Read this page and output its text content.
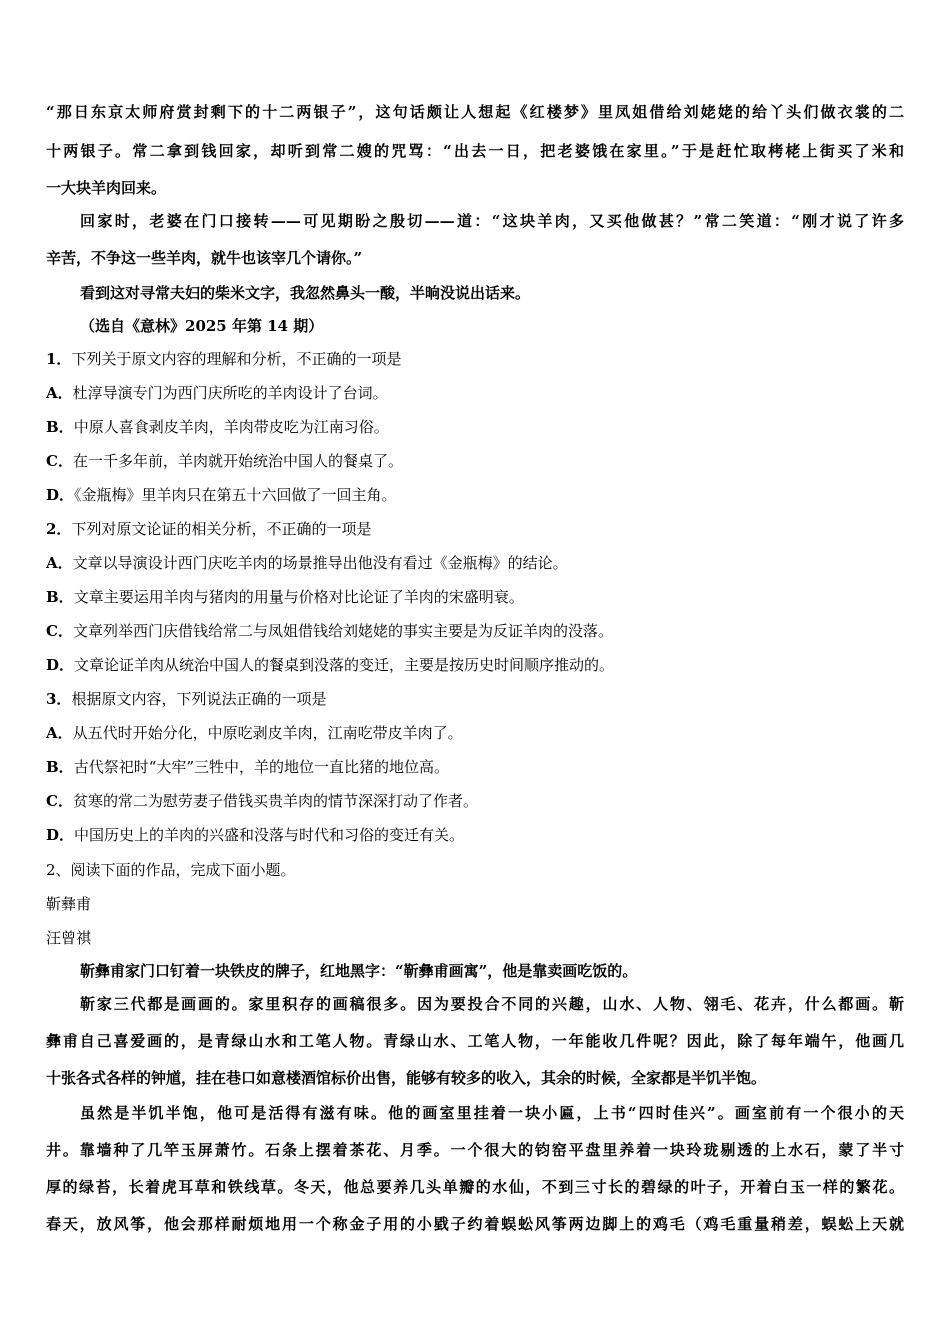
“那日东京太师府赏封剩下的十二两银子”，这句话颇让人想起《红楼梦》里凤姐借给刘姥姥的给丫头们做衣裳的二
十两银子。常二拿到钱回家，却听到常二嫂的咒骂：“出去一日，把老婆饿在家里。”于是赶忙取栲栳上街买了米和
一大块羊肉回来。
回家时，老婆在门口接转——可见期盼之殷切——道：“这块羊肉，又买他做甚？”常二笑道：“刚才说了许多
辛苦，不争这一些羊肉，就牛也该宰几个请你。”
看到这对寻常夫妇的柴米文字，我忽然鼻头一酸，半晌没说出话来。
（选自《意林》2025 年第 14 期）
1．下列关于原文内容的理解和分析，不正确的一项是
A．杜淳导演专门为西门庆所吃的羊肉设计了台词。
B．中原人喜食剥皮羊肉，羊肉带皮吃为江南习俗。
C．在一千多年前，羊肉就开始统治中国人的餐桌了。
D．《金瓶梅》里羊肉只在第五十六回做了一回主角。
2．下列对原文论证的相关分析，不正确的一项是
A．文章以导演设计西门庆吃羊肉的场景推导出他没有看过《金瓶梅》的结论。
B．文章主要运用羊肉与猪肉的用量与价格对比论证了羊肉的宋盛明衰。
C．文章列举西门庆借钱给常二与凤姐借钱给刘姥姥的事实主要是为反证羊肉的没落。
D．文章论证羊肉从统治中国人的餐桌到没落的变迁，主要是按历史时间顺序推动的。
3．根据原文内容，下列说法正确的一项是
A．从五代时开始分化，中原吃剥皮羊肉，江南吃带皮羊肉了。
B．古代祭祀时“大牢”三牲中，羊的地位一直比猪的地位高。
C．贫寒的常二为慰劳妻子借钱买贵羊肉的情节深深打动了作者。
D．中国历史上的羊肉的兴盛和没落与时代和习俗的变迁有关。
2、阅读下面的作品，完成下面小题。
靳彝甫
汪曾祺
靳彝甫家门口钉着一块铁皮的牌子，红地黑字：“靳彝甫画寓”，他是靠卖画吃饭的。
靳家三代都是画画的。家里积存的画稿很多。因为要投合不同的兴趣，山水、人物、翎毛、花卉，什么都画。靳
彝甫自己喜爱画的，是青绿山水和工笔人物。青绿山水、工笔人物，一年能收几件呢？因此，除了每年端午，他画几
十张各式各样的钟馗，挂在巷口如意楼酒馆标价出售，能够有较多的收入，其余的时候，全家都是半饥半饱。
虽然是半饥半饱，他可是活得有滋有味。他的画室里挂着一块小匾，上书“四时佳兴”。画室前有一个很小的天
井。靠墙种了几竿玉屏萧竹。石条上摆着茶花、月季。一个很大的钧窑平盘里养着一块玲珑剔透的上水石，蒙了半寸
厚的绿苔，长着虎耳草和铁线草。冬天，他总要养几头单瓣的水仙，不到三寸长的碧绿的叶子，开着白玉一样的繁花。
春天，放风筝，他会那样耐烦地用一个称金子用的小戥子约着蜈蚣风筝两边脚上的鸡毛（鸡毛重量稍差，蜈蚣上天就
